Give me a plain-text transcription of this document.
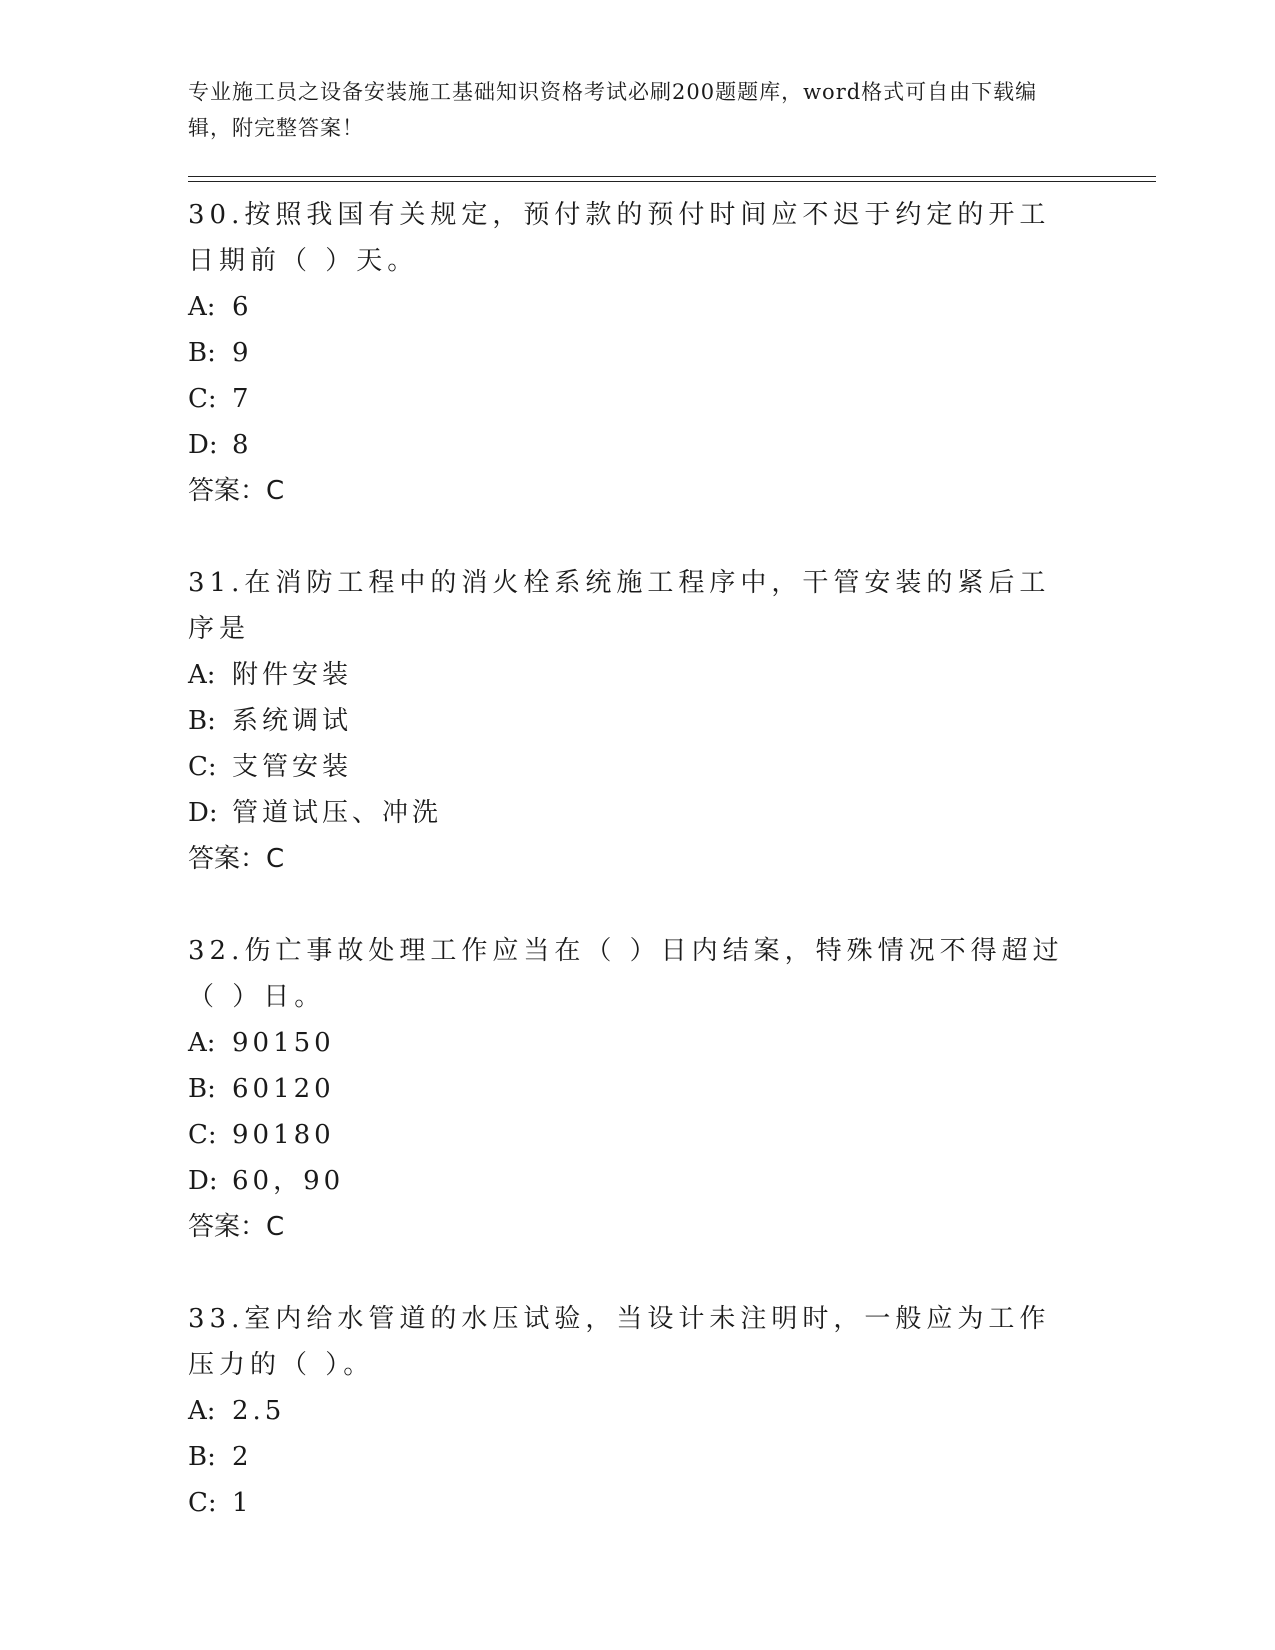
专业施工员之设备安装施工基础知识资格考试必刷200题题库，word格式可自由下载编辑，附完整答案！

30.按照我国有关规定，预付款的预付时间应不迟于约定的开工日期前（ ）天。

A: 6

B: 9

C: 7

D: 8

答案：C

31.在消防工程中的消火栓系统施工程序中，干管安装的紧后工序是

A: 附件安装

B: 系统调试

C: 支管安装

D: 管道试压、冲洗

答案：C

32.伤亡事故处理工作应当在（ ）日内结案，特殊情况不得超过（ ）日。

A: 90150

B: 60120

C: 90180

D: 60，90

答案：C

33.室内给水管道的水压试验，当设计未注明时，一般应为工作压力的（ ）。

A: 2.5

B: 2

C: 1
